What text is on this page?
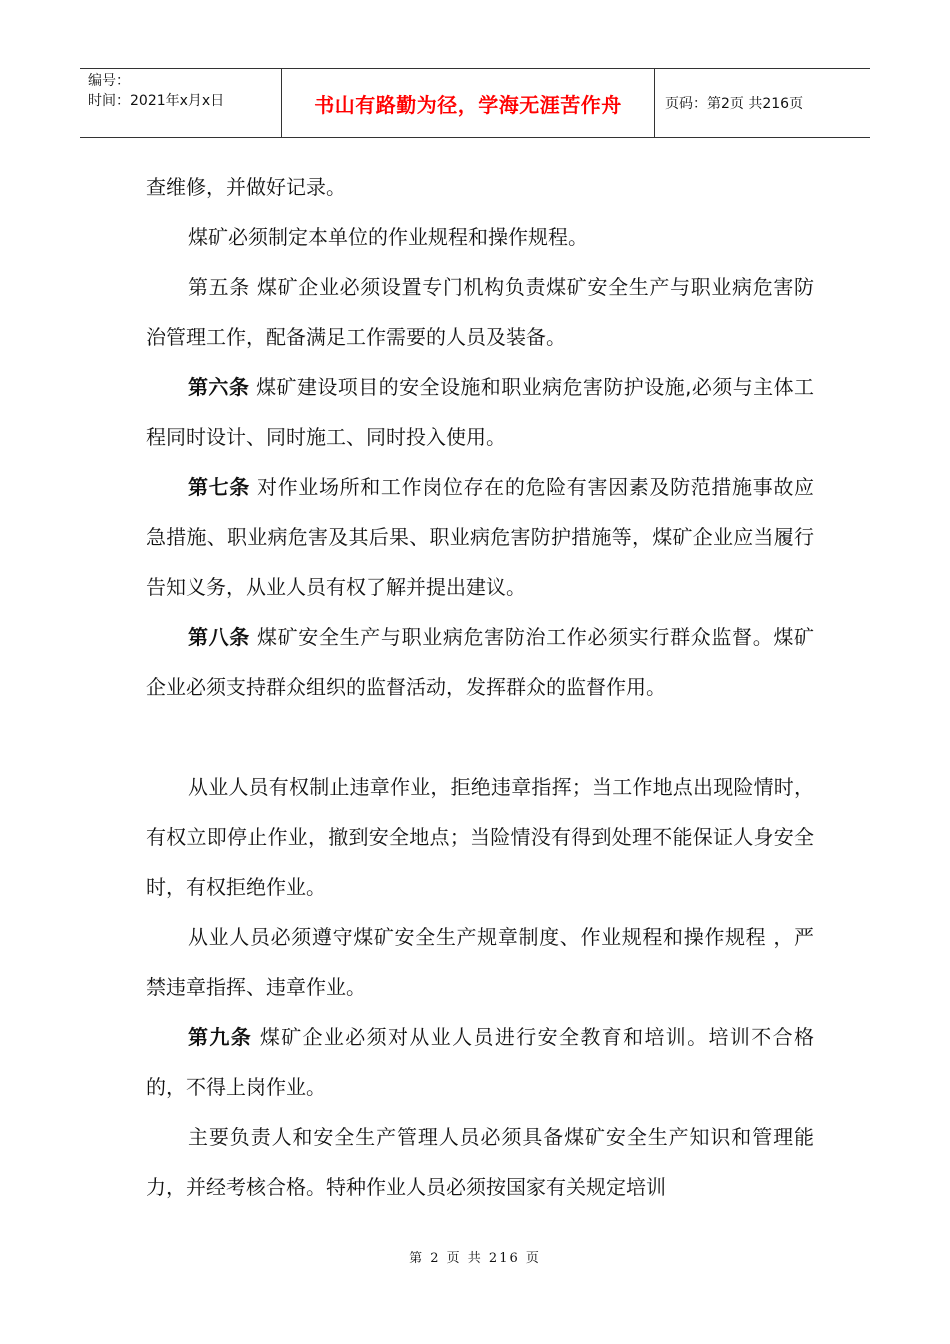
编号：
时间：2021年x月x日	书山有路勤为径，学海无涯苦作舟	页码：第2页 共216页

查维修，并做好记录。

煤矿必须制定本单位的作业规程和操作规程。

第五条 煤矿企业必须设置专门机构负责煤矿安全生产与职业病危害防治管理工作，配备满足工作需要的人员及装备。

第六条 煤矿建设项目的安全设施和职业病危害防护设施,必须与主体工程同时设计、同时施工、同时投入使用。

第七条 对作业场所和工作岗位存在的危险有害因素及防范措施事故应急措施、职业病危害及其后果、职业病危害防护措施等，煤矿企业应当履行告知义务，从业人员有权了解并提出建议。

第八条 煤矿安全生产与职业病危害防治工作必须实行群众监督。煤矿企业必须支持群众组织的监督活动，发挥群众的监督作用。

从业人员有权制止违章作业，拒绝违章指挥；当工作地点出现险情时，有权立即停止作业，撤到安全地点；当险情没有得到处理不能保证人身安全时，有权拒绝作业。

从业人员必须遵守煤矿安全生产规章制度、作业规程和操作规程 ，严禁违章指挥、违章作业。

第九条 煤矿企业必须对从业人员进行安全教育和培训。培训不合格的，不得上岗作业。

主要负责人和安全生产管理人员必须具备煤矿安全生产知识和管理能力，并经考核合格。特种作业人员必须按国家有关规定培训

第 2 页 共 216 页
